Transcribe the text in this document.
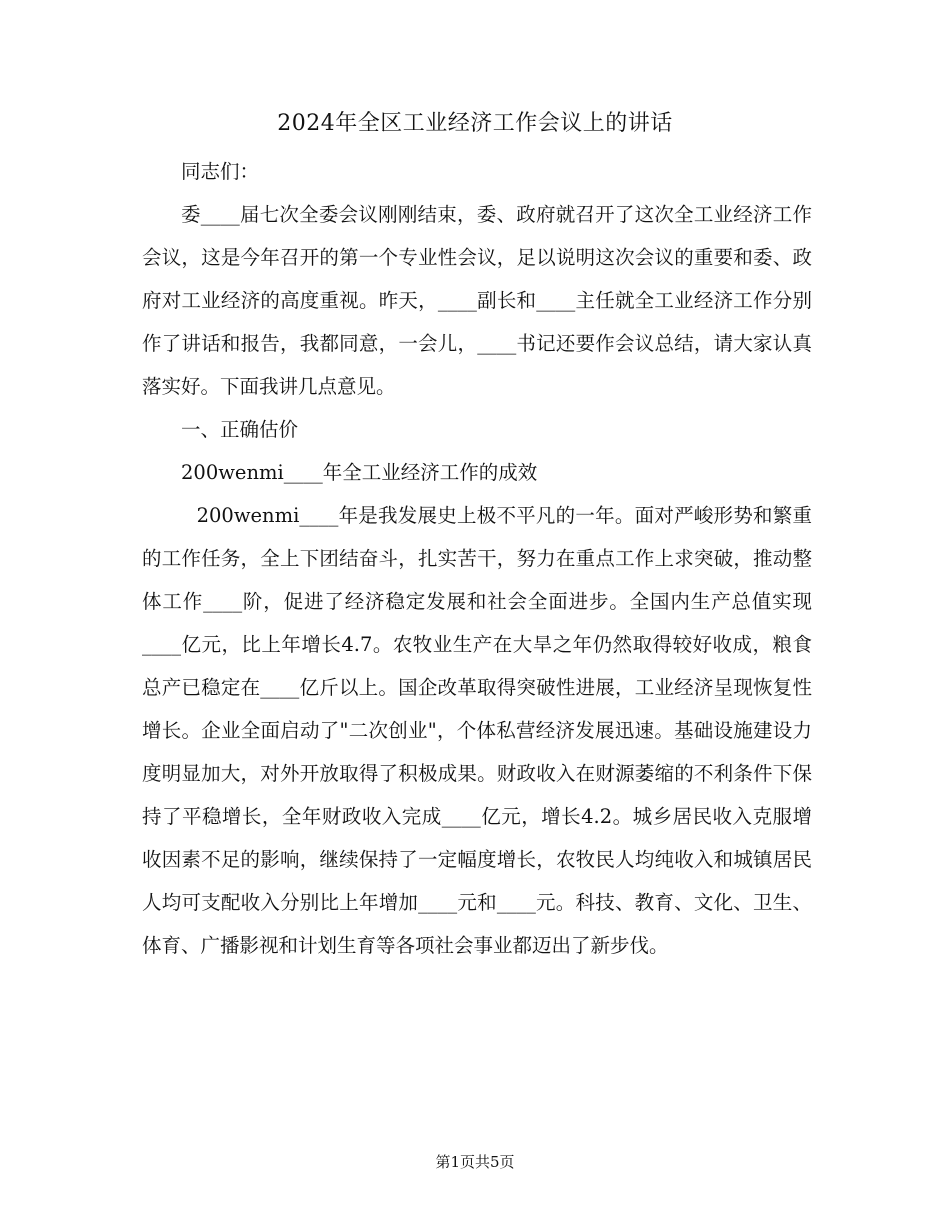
2024年全区工业经济工作会议上的讲话

同志们：

委____届七次全委会议刚刚结束，委、政府就召开了这次全工业经济工作会议，这是今年召开的第一个专业性会议，足以说明这次会议的重要和委、政府对工业经济的高度重视。昨天，____副长和____主任就全工业经济工作分别作了讲话和报告，我都同意，一会儿，____书记还要作会议总结，请大家认真落实好。下面我讲几点意见。

一、正确估价

200wenmi____年全工业经济工作的成效

200wenmi____年是我发展史上极不平凡的一年。面对严峻形势和繁重的工作任务，全上下团结奋斗，扎实苦干，努力在重点工作上求突破，推动整体工作____阶，促进了经济稳定发展和社会全面进步。全国内生产总值实现____亿元，比上年增长4.7。农牧业生产在大旱之年仍然取得较好收成，粮食总产已稳定在____亿斤以上。国企改革取得突破性进展，工业经济呈现恢复性增长。企业全面启动了"二次创业"，个体私营经济发展迅速。基础设施建设力度明显加大，对外开放取得了积极成果。财政收入在财源萎缩的不利条件下保持了平稳增长，全年财政收入完成____亿元，增长4.2。城乡居民收入克服增收因素不足的影响，继续保持了一定幅度增长，农牧民人均纯收入和城镇居民人均可支配收入分别比上年增加____元和____元。科技、教育、文化、卫生、体育、广播影视和计划生育等各项社会事业都迈出了新步伐。

第1页共5页
